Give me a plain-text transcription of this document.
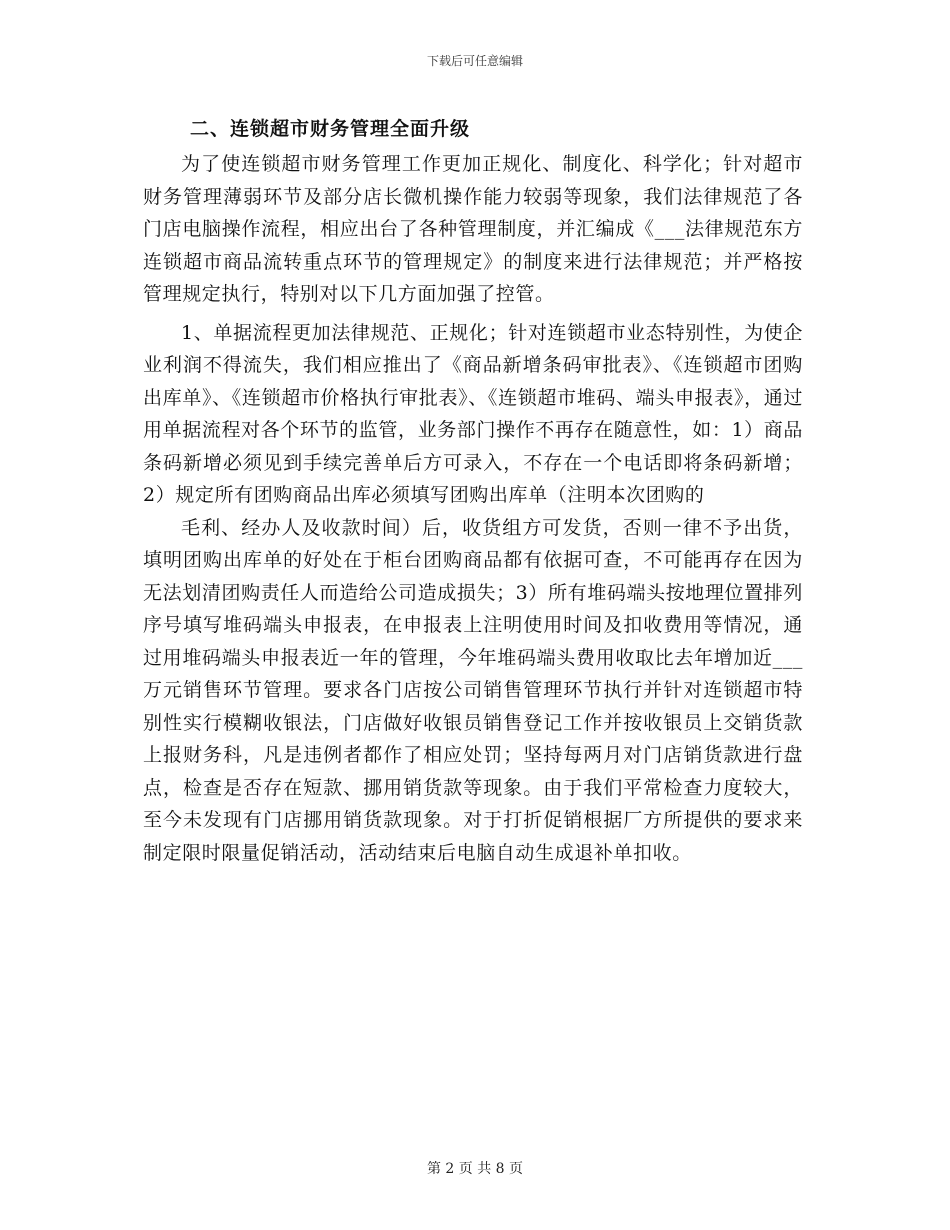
下载后可任意编辑
二、连锁超市财务管理全面升级

为了使连锁超市财务管理工作更加正规化、制度化、科学化；针对超市财务管理薄弱环节及部分店长微机操作能力较弱等现象，我们法律规范了各门店电脑操作流程，相应出台了各种管理制度，并汇编成《___法律规范东方连锁超市商品流转重点环节的管理规定》的制度来进行法律规范；并严格按管理规定执行，特别对以下几方面加强了控管。

1、单据流程更加法律规范、正规化；针对连锁超市业态特别性，为使企业利润不得流失，我们相应推出了《商品新增条码审批表》、《连锁超市团购出库单》、《连锁超市价格执行审批表》、《连锁超市堆码、端头申报表》，通过用单据流程对各个环节的监管，业务部门操作不再存在随意性，如：1）商品条码新增必须见到手续完善单后方可录入，不存在一个电话即将条码新增；2）规定所有团购商品出库必须填写团购出库单（注明本次团购的

毛利、经办人及收款时间）后，收货组方可发货，否则一律不予出货，填明团购出库单的好处在于柜台团购商品都有依据可查，不可能再存在因为无法划清团购责任人而造给公司造成损失；3）所有堆码端头按地理位置排列序号填写堆码端头申报表，在申报表上注明使用时间及扣收费用等情况，通过用堆码端头申报表近一年的管理，今年堆码端头费用收取比去年增加近___万元销售环节管理。要求各门店按公司销售管理环节执行并针对连锁超市特别性实行模糊收银法，门店做好收银员销售登记工作并按收银员上交销货款上报财务科，凡是违例者都作了相应处罚；坚持每两月对门店销货款进行盘点，检查是否存在短款、挪用销货款等现象。由于我们平常检查力度较大，至今未发现有门店挪用销货款现象。对于打折促销根据厂方所提供的要求来制定限时限量促销活动，活动结束后电脑自动生成退补单扣收。

第 2 页 共 8 页
